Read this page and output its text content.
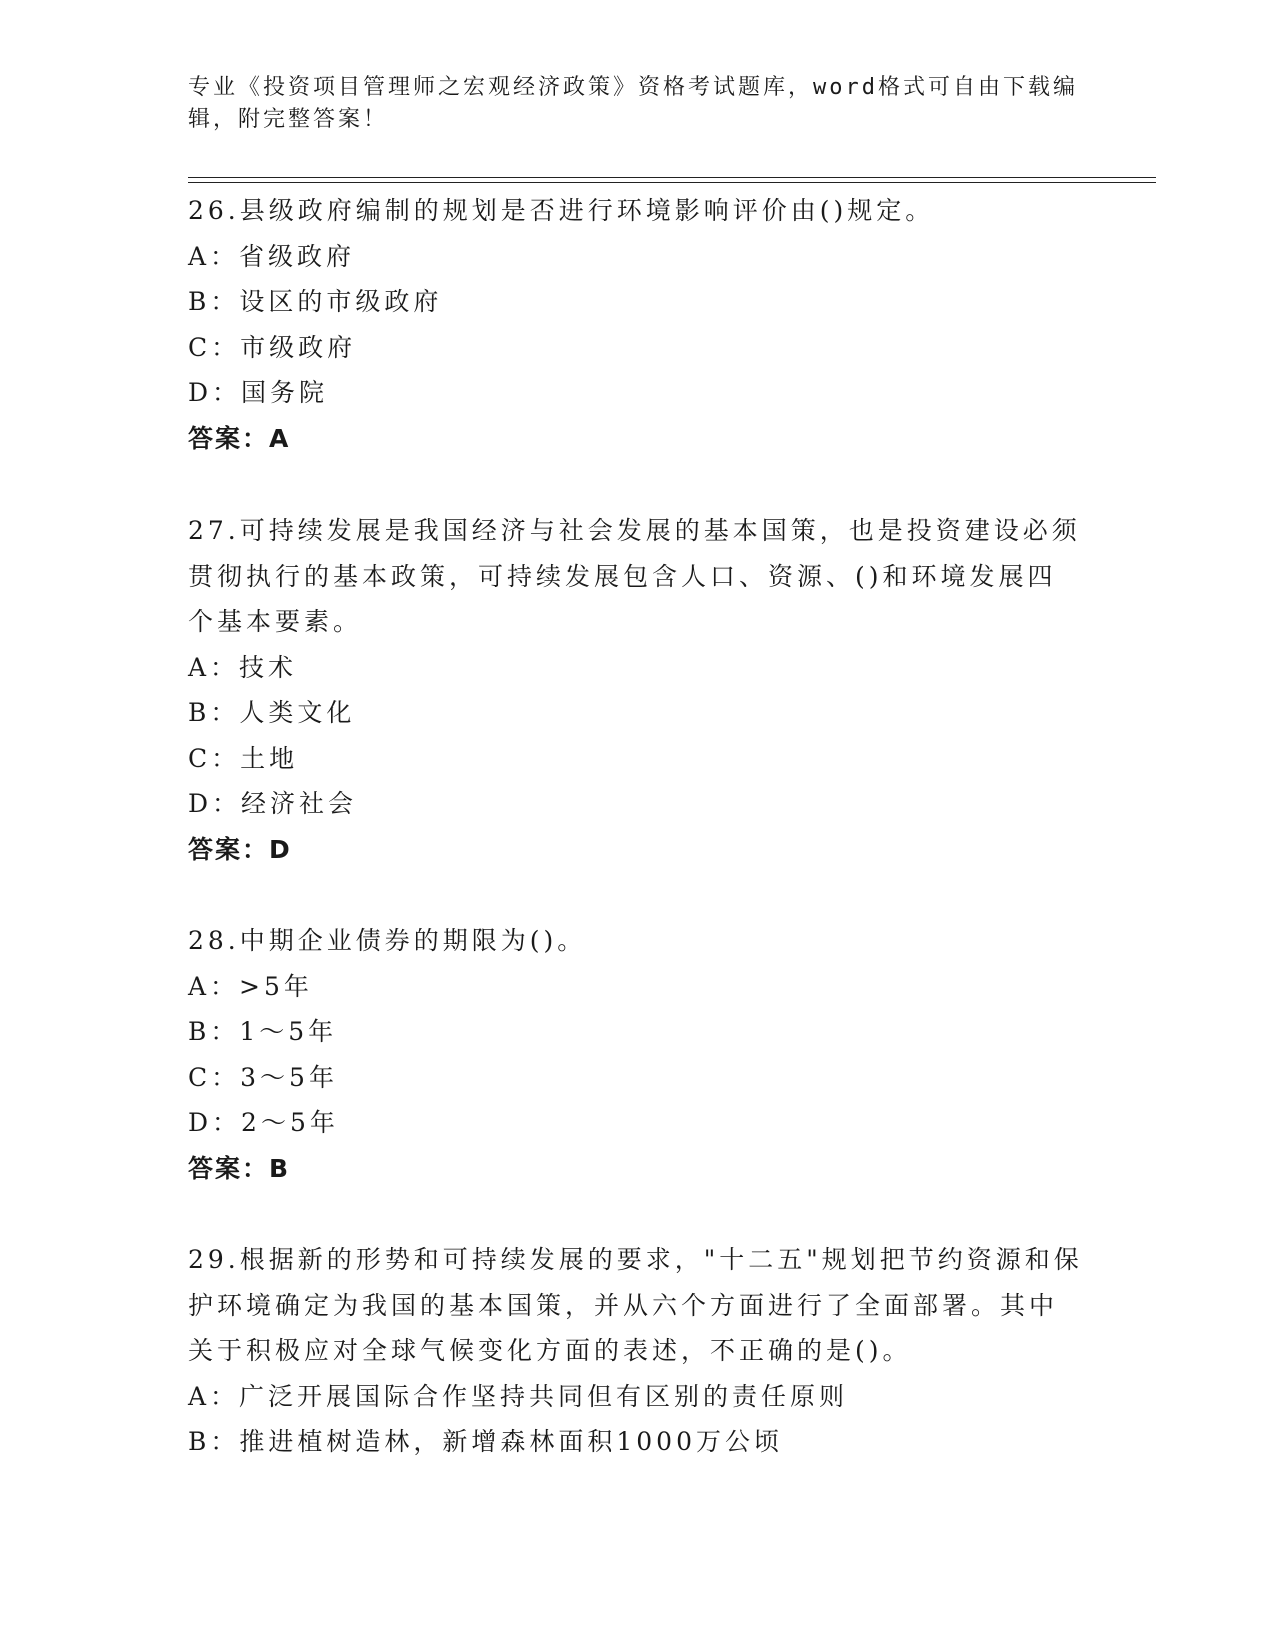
专业《投资项目管理师之宏观经济政策》资格考试题库，word格式可自由下载编
辑，附完整答案！
26.县级政府编制的规划是否进行环境影响评价由()规定。
A：省级政府
B：设区的市级政府
C：市级政府
D：国务院
答案：A
27.可持续发展是我国经济与社会发展的基本国策，也是投资建设必须
贯彻执行的基本政策，可持续发展包含人口、资源、()和环境发展四
个基本要素。
A：技术
B：人类文化
C：土地
D：经济社会
答案：D
28.中期企业债券的期限为()。
A：>5年
B：1～5年
C：3～5年
D：2～5年
答案：B
29.根据新的形势和可持续发展的要求，"十二五"规划把节约资源和保
护环境确定为我国的基本国策，并从六个方面进行了全面部署。其中
关于积极应对全球气候变化方面的表述，不正确的是()。
A：广泛开展国际合作坚持共同但有区别的责任原则
B：推进植树造林，新增森林面积1000万公顷
